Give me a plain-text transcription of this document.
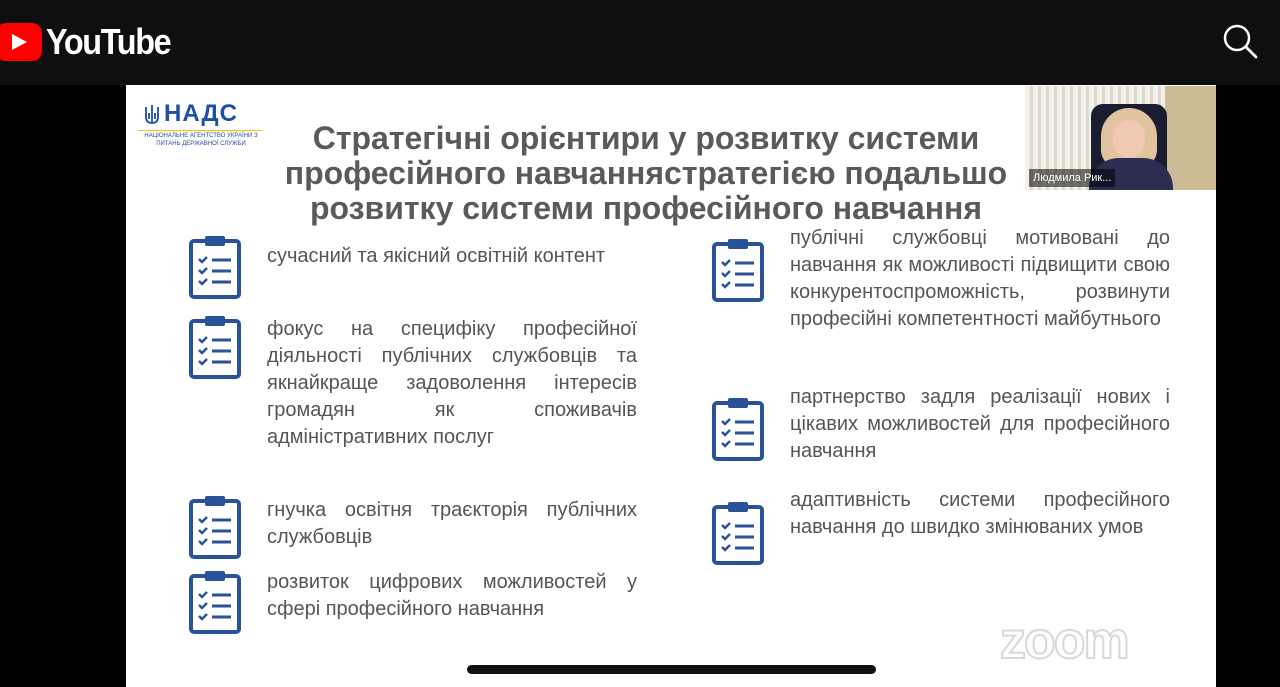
YouTube
НАДС
НАЦІОНАЛЬНЕ АГЕНТСТВО УКРАЇНИ З ПИТАНЬ ДЕРЖАВНОЇ СЛУЖБИ	Стратегічні орієнтири у розвитку системи
професійного навчаннястратегією подальшо
розвитку системи професійного навчання
сучасний та якісний освітній контент
фокус на специфіку професійної діяльності публічних службовців та якнайкраще задоволення інтересів громадян як споживачів адміністративних послуг
гнучка освітня траєкторія публічних службовців
розвиток цифрових можливостей у сфері професійного навчання
публічні службовці мотивовані до навчання як можливості підвищити свою конкурентоспроможність, розвинути професійні компетентності майбутнього
партнерство задля реалізації нових і цікавих можливостей для професійного навчання
адаптивність системи професійного навчання до швидко змінюваних умов
zoom
Людмила Рик...
